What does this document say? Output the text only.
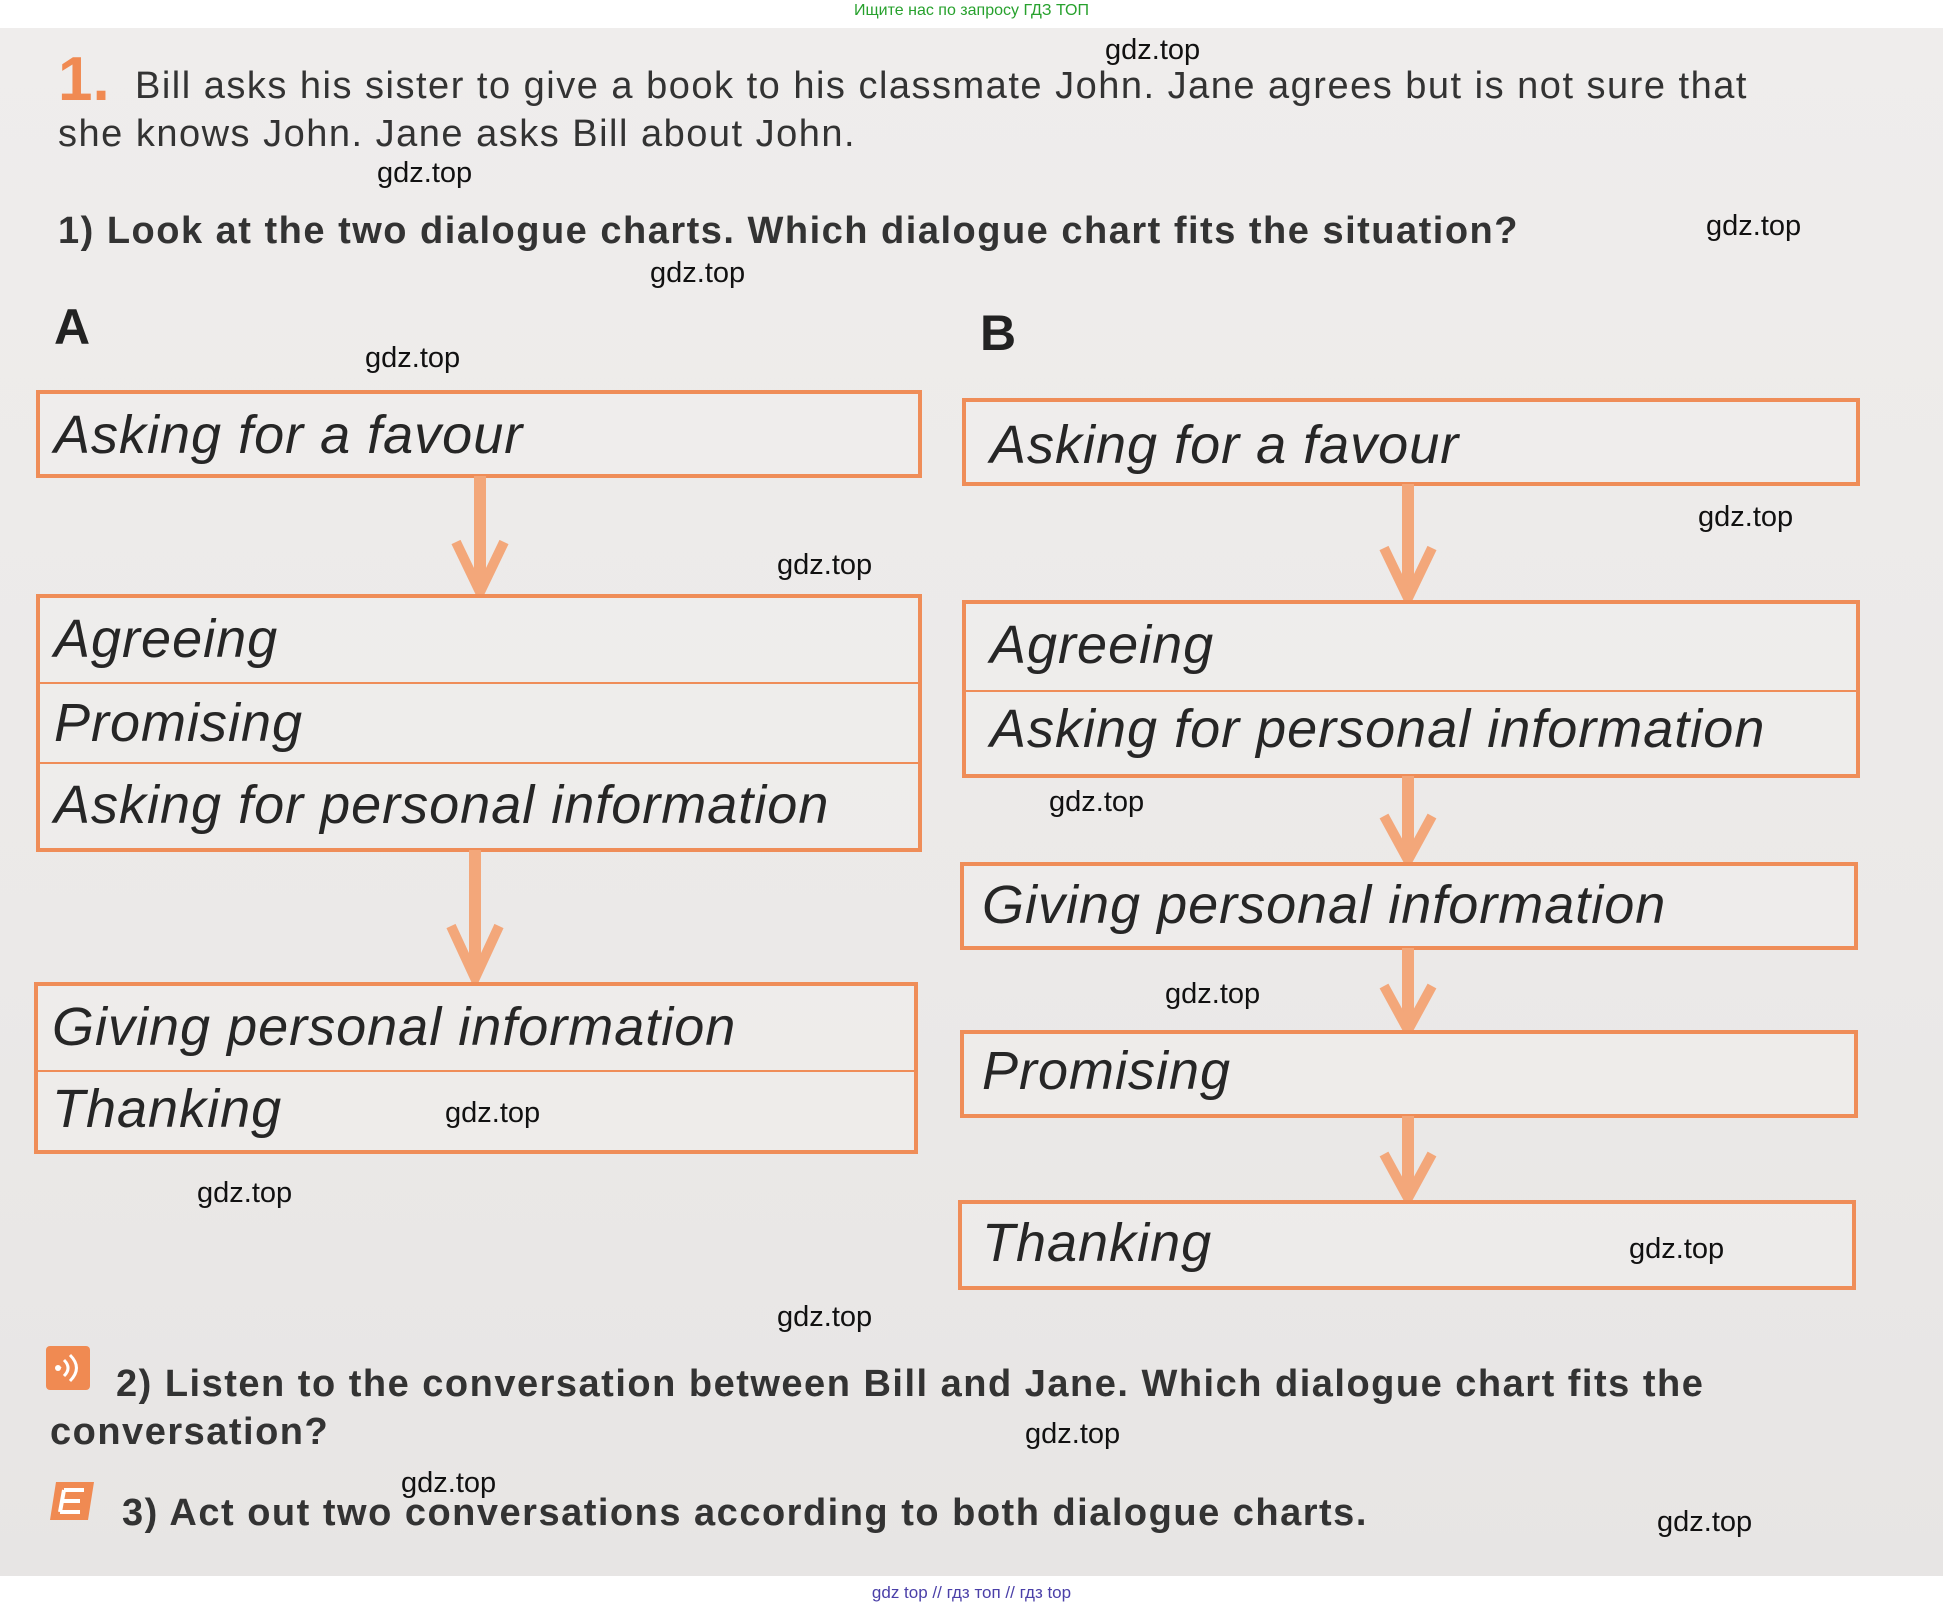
Ищите нас по запросу ГДЗ ТОП
1. Bill asks his sister to give a book to his classmate John. Jane agrees but is not sure that she knows John. Jane asks Bill about John.
1) Look at the two dialogue charts. Which dialogue chart fits the situation?
A	B
Asking for a favour
Agreeing
Promising
Asking for personal information
Giving personal information
Thanking
Asking for a favour
Agreeing
Asking for personal information
Giving personal information
Promising
Thanking
2) Listen to the conversation between Bill and Jane. Which dialogue chart fits the conversation?
3) Act out two conversations according to both dialogue charts.
gdz.top
gdz.top
gdz.top
gdz.top
gdz.top
gdz.top
gdz.top
gdz.top
gdz.top
gdz.top
gdz.top
gdz.top
gdz.top
gdz.top
gdz.top
gdz.top
gdz top // гдз топ // гдз top
